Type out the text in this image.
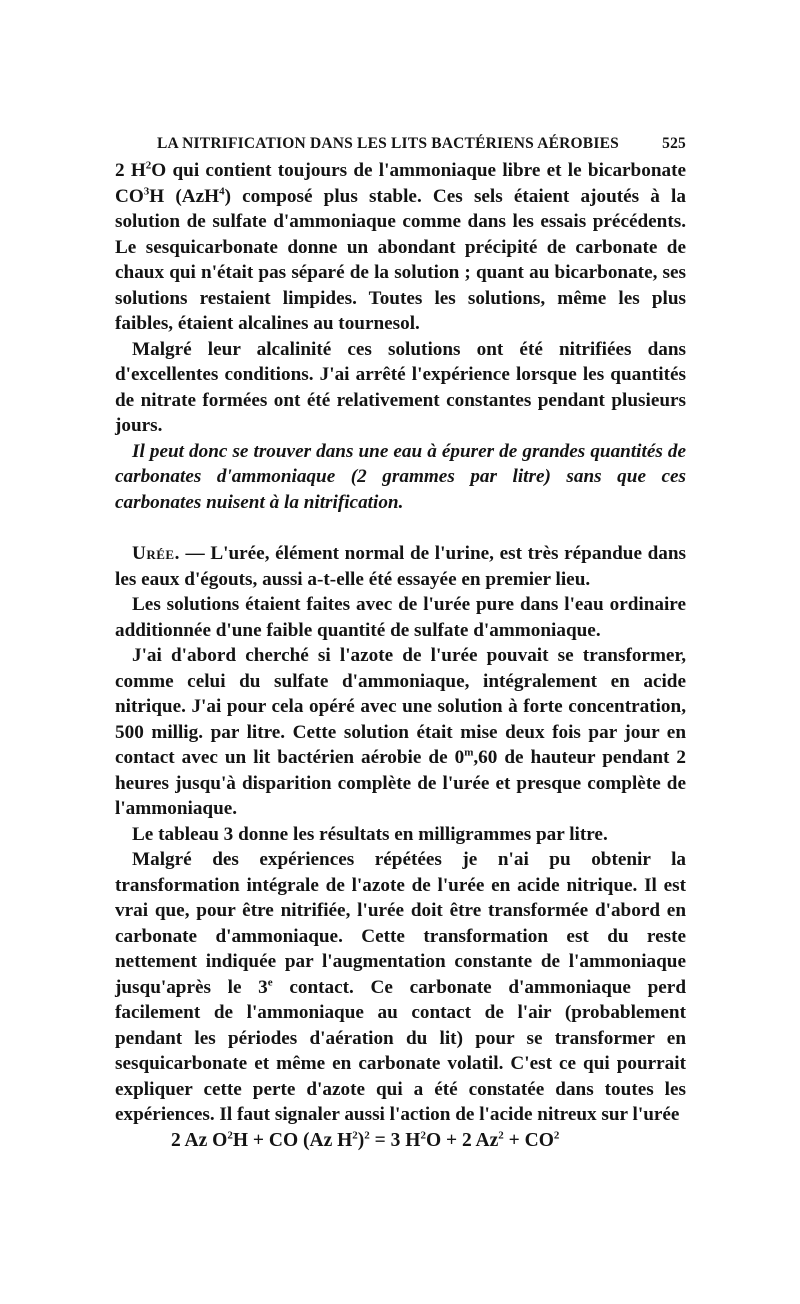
LA NITRIFICATION DANS LES LITS BACTÉRIENS AÉROBIES	525

2 $H^2O$ qui contient toujours de l'ammoniaque libre et le bicarbonate $CO^3H$ (AzH$^4$) composé plus stable. Ces sels étaient ajoutés à la solution de sulfate d'ammoniaque comme dans les essais précédents. Le sesquicarbonate donne un abondant précipité de carbonate de chaux qui n'était pas séparé de la solution ; quant au bicarbonate, ses solutions restaient limpides. Toutes les solutions, même les plus faibles, étaient alcalines au tournesol.

Malgré leur alcalinité ces solutions ont été nitrifiées dans d'excellentes conditions. J'ai arrêté l'expérience lorsque les quantités de nitrate formées ont été relativement constantes pendant plusieurs jours.

Il peut donc se trouver dans une eau à épurer de grandes quantités de carbonates d'ammoniaque (2 grammes par litre) sans que ces carbonates nuisent à la nitrification.

Urée. — L'urée, élément normal de l'urine, est très répandue dans les eaux d'égouts, aussi a-t-elle été essayée en premier lieu.

Les solutions étaient faites avec de l'urée pure dans l'eau ordinaire additionnée d'une faible quantité de sulfate d'ammoniaque.

J'ai d'abord cherché si l'azote de l'urée pouvait se transformer, comme celui du sulfate d'ammoniaque, intégralement en acide nitrique. J'ai pour cela opéré avec une solution à forte concentration, 500 millig. par litre. Cette solution était mise deux fois par jour en contact avec un lit bactérien aérobie de 0$^m$,60 de hauteur pendant 2 heures jusqu'à disparition complète de l'urée et presque complète de l'ammoniaque.

Le tableau 3 donne les résultats en milligrammes par litre.

Malgré des expériences répétées je n'ai pu obtenir la transformation intégrale de l'azote de l'urée en acide nitrique. Il est vrai que, pour être nitrifiée, l'urée doit être transformée d'abord en carbonate d'ammoniaque. Cette transformation est du reste nettement indiquée par l'augmentation constante de l'ammoniaque jusqu'après le 3e contact. Ce carbonate d'ammoniaque perd facilement de l'ammoniaque au contact de l'air (probablement pendant les périodes d'aération du lit) pour se transformer en sesquicarbonate et même en carbonate volatil. C'est ce qui pourrait expliquer cette perte d'azote qui a été constatée dans toutes les expériences. Il faut signaler aussi l'action de l'acide nitreux sur l'urée

2 Az $O^2H$ + CO (Az $H^2)^2 = 3$ $H^2O + 2$ $Az^2 + CO^2$
